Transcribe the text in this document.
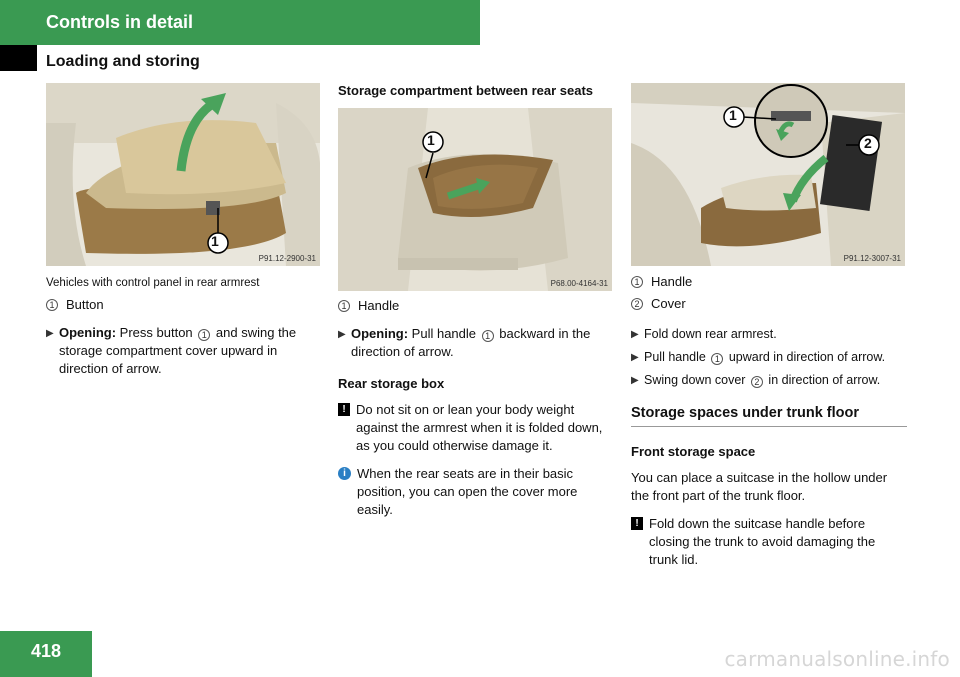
Controls in detail
Loading and storing
P91.12-2900-31
1
P68.00-4164-31
1
P91.12-3007-31
1
2

Vehicles with control panel in rear armrest

1 Button
▶ Opening: Press button 1 and swing the storage compartment cover upward in direction of arrow.

Storage compartment between rear seats

1 Handle
▶ Opening: Pull handle 1 backward in the direction of arrow.

Rear storage box

! Do not sit on or lean your body weight against the armrest when it is folded down, as you could otherwise damage it.
i When the rear seats are in their basic position, you can open the cover more easily.
1 Handle
2 Cover
▶ Fold down rear armrest.
▶ Pull handle 1 upward in direction of arrow.
▶ Swing down cover 2 in direction of arrow.
Storage spaces under trunk floor

Front storage space

You can place a suitcase in the hollow under the front part of the trunk floor.

! Fold down the suitcase handle before closing the trunk to avoid damaging the trunk lid.
418	carmanualsonline.info
